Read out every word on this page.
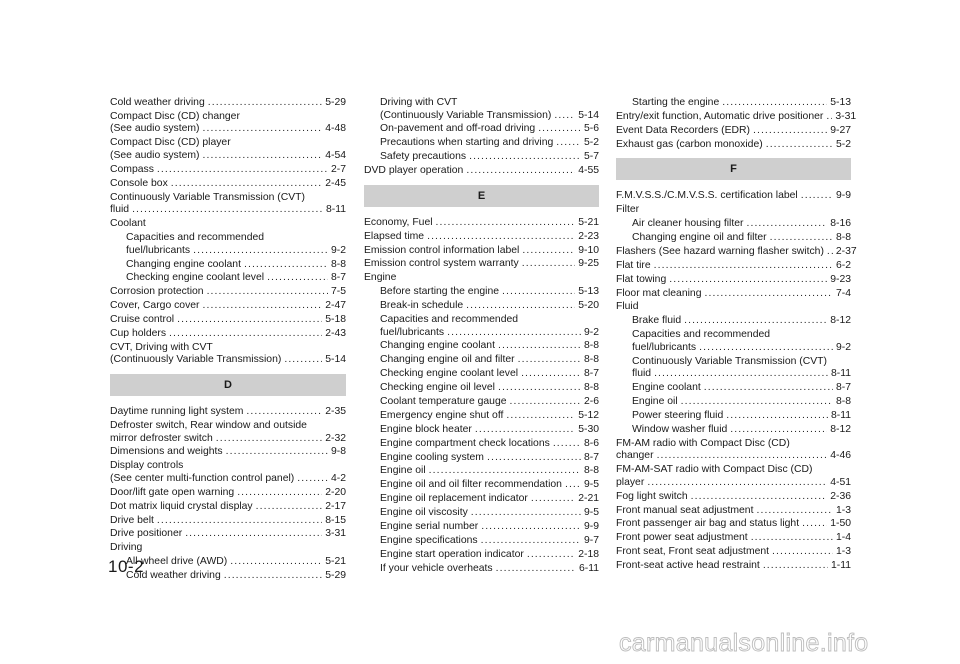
Cold weather driving .....	5-29
Compact Disc (CD) changer
(See audio system) .....	4-48
Compact Disc (CD) player
(See audio system) .....	4-54
Compass .....	2-7
Console box .....	2-45
Continuously Variable Transmission (CVT)
fluid .....	8-11
Coolant
Capacities and recommended
fuel/lubricants .....	9-2
Changing engine coolant .....	8-8
Checking engine coolant level .....	8-7
Corrosion protection .....	7-5
Cover, Cargo cover .....	2-47
Cruise control .....	5-18
Cup holders .....	2-43
CVT, Driving with CVT
(Continuously Variable Transmission) .....	5-14
D
Daytime running light system .....	2-35
Defroster switch, Rear window and outside
mirror defroster switch .....	2-32
Dimensions and weights .....	9-8
Display controls
(See center multi-function control panel) .....	4-2
Door/lift gate open warning .....	2-20
Dot matrix liquid crystal display .....	2-17
Drive belt .....	8-15
Drive positioner .....	3-31
Driving
All-wheel drive (AWD) .....	5-21
Cold weather driving .....	5-29
Driving with CVT
(Continuously Variable Transmission) .....	5-14
On-pavement and off-road driving .....	5-6
Precautions when starting and driving .....	5-2
Safety precautions .....	5-7
DVD player operation .....	4-55
E
Economy, Fuel .....	5-21
Elapsed time .....	2-23
Emission control information label .....	9-10
Emission control system warranty .....	9-25
Engine
Before starting the engine .....	5-13
Break-in schedule .....	5-20
Capacities and recommended
fuel/lubricants .....	9-2
Changing engine coolant .....	8-8
Changing engine oil and filter .....	8-8
Checking engine coolant level .....	8-7
Checking engine oil level .....	8-8
Coolant temperature gauge .....	2-6
Emergency engine shut off .....	5-12
Engine block heater .....	5-30
Engine compartment check locations .....	8-6
Engine cooling system .....	8-7
Engine oil .....	8-8
Engine oil and oil filter recommendation ..... 9-5
Engine oil replacement indicator .....	2-21
Engine oil viscosity .....	9-5
Engine serial number .....	9-9
Engine specifications .....	9-7
Engine start operation indicator .....	2-18
If your vehicle overheats .....	6-11
Starting the engine .....	5-13
Entry/exit function, Automatic drive positioner ..... 3-31
Event Data Recorders (EDR) .....	9-27
Exhaust gas (carbon monoxide) .....	5-2
F
F.M.V.S.S./C.M.V.S.S. certification label .....	9-9
Filter
Air cleaner housing filter .....	8-16
Changing engine oil and filter .....	8-8
Flashers (See hazard warning flasher switch) ..... 2-37
Flat tire .....	6-2
Flat towing .....	9-23
Floor mat cleaning .....	7-4
Fluid
Brake fluid .....	8-12
Capacities and recommended
fuel/lubricants .....	9-2
Continuously Variable Transmission (CVT)
fluid .....	8-11
Engine coolant .....	8-7
Engine oil .....	8-8
Power steering fluid .....	8-11
Window washer fluid .....	8-12
FM-AM radio with Compact Disc (CD)
changer .....	4-46
FM-AM-SAT radio with Compact Disc (CD)
player .....	4-51
Fog light switch .....	2-36
Front manual seat adjustment .....	1-3
Front passenger air bag and status light .....	1-50
Front power seat adjustment .....	1-4
Front seat, Front seat adjustment .....	1-3
Front-seat active head restraint .....	1-11
10-2
carmanualsonline.info
